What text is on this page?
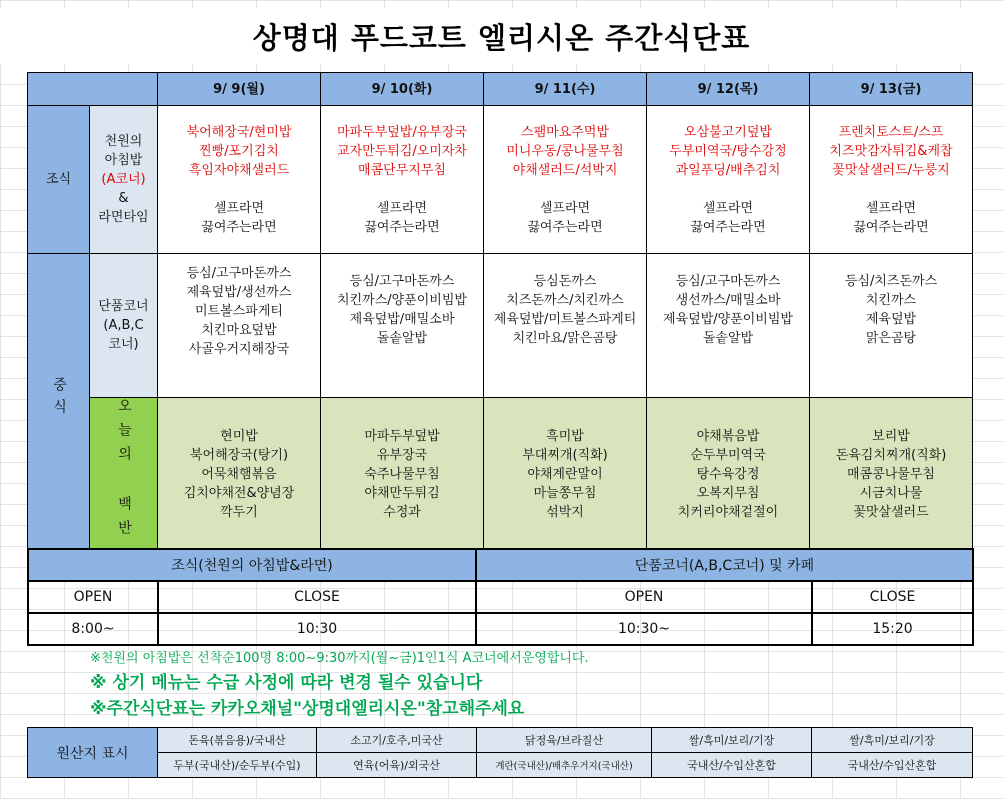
상명대 푸드코트 엘리시온 주간식단표
		9/ 9(월)	9/ 10(화)	9/ 11(수)	9/ 12(목)	9/ 13(금)
조식	천원의
아침밥
(A코너)
&
라면타임	북어해장국/현미밥
찐빵/포기김치
흑임자야채샐러드
셀프라면
끓여주는라면	마파두부덮밥/유부장국
교자만두튀김/오미자차
매콤단무지무침
셀프라면
끓여주는라면	스팸마요주먹밥
미니우동/콩나물무침
야채샐러드/석박지
셀프라면
끓여주는라면	오삼불고기덮밥
두부미역국/탕수강정
과일푸딩/배추김치
셀프라면
끓여주는라면	프렌치토스트/스프
치즈맛감자튀김&케찹
꽃맛살샐러드/누룽지
셀프라면
끓여주는라면

중식	단품코너
(A,B,C
코너)	등심/고구마돈까스
제육덮밥/생선까스
미트볼스파게티
치킨마요덮밥
사골우거지해장국	등심/고구마돈까스
치킨까스/양푼이비빔밥
제육덮밥/매밀소바
돌솥알밥	등심돈까스
치즈돈까스/치킨까스
제육덮밥/미트볼스파게티
치킨마요/맑은곰탕	등심/고구마돈까스
생선까스/매밀소바
제육덮밥/양푼이비빔밥
돌솥알밥	등심/치즈돈까스
치킨까스
제육덮밥
맑은곰탕

	오늘의 백반	현미밥
북어해장국(탕기)
어묵채햄볶음
김치야채전&양념장
깍두기	마파두부덮밥
유부장국
숙주나물무침
야채만두튀김
수정과	흑미밥
부대찌개(직화)
야채계란말이
마늘쫑무침
섞박지	야채볶음밥
순두부미역국
탕수육강정
오복지무침
치커리야채겉절이	보리밥
돈육김치찌개(직화)
매콤콩나물무침
시금치나물
꽃맛살샐러드
조식(천원의 아침밥&라면)		단품코너(A,B,C코너) 및 카페	
OPEN	CLOSE	OPEN	CLOSE
8:00~	10:30	10:30~	15:20
※천원의 아침밥은 선착순100명 8:00~9:30까지(월~금)1인1식 A코너에서운영합니다.
※ 상기 메뉴는 수급 사정에 따라 변경 될수 있습니다
※주간식단표는 카카오채널"상명대엘리시온"참고해주세요
원산지 표시	돈육(볶음용)/국내산	소고기/호주,미국산	닭정육/브라질산	쌀/흑미/보리/기장	쌀/흑미/보리/기장
	두부(국내산)/순두부(수입)	연육(어육)/외국산	계란(국내산)/배추우거지(국내산)	국내산/수입산혼합	국내산/수입산혼합
